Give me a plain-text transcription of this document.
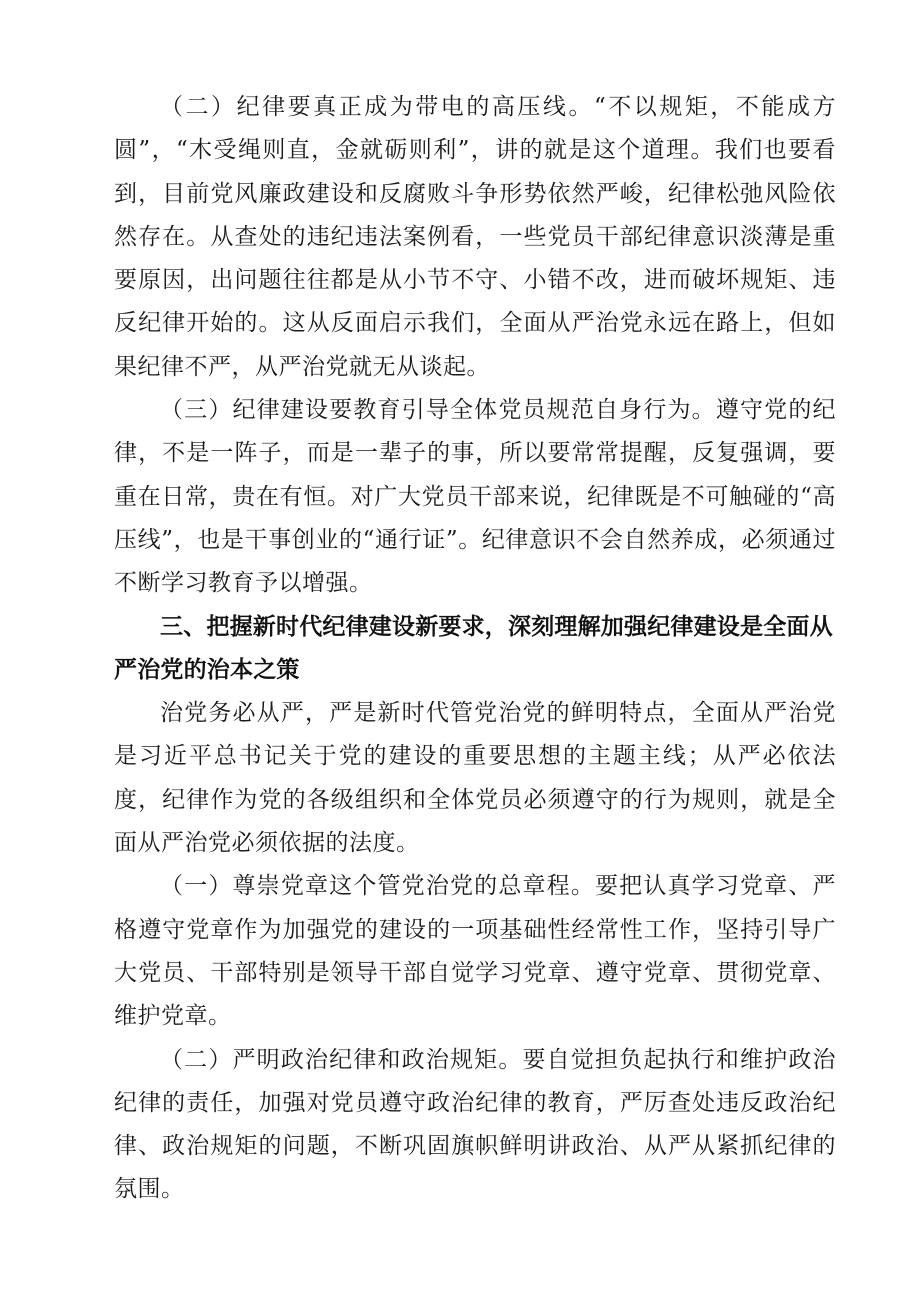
（二）纪律要真正成为带电的高压线。“不以规矩，不能成方圆”，“木受绳则直，金就砺则利”，讲的就是这个道理。我们也要看到，目前党风廉政建设和反腐败斗争形势依然严峻，纪律松弛风险依然存在。从查处的违纪违法案例看，一些党员干部纪律意识淡薄是重要原因，出问题往往都是从小节不守、小错不改，进而破坏规矩、违反纪律开始的。这从反面启示我们，全面从严治党永远在路上，但如果纪律不严，从严治党就无从谈起。

（三）纪律建设要教育引导全体党员规范自身行为。遵守党的纪律，不是一阵子，而是一辈子的事，所以要常常提醒，反复强调，要重在日常，贵在有恒。对广大党员干部来说，纪律既是不可触碰的“高压线”，也是干事创业的“通行证”。纪律意识不会自然养成，必须通过不断学习教育予以增强。

三、把握新时代纪律建设新要求，深刻理解加强纪律建设是全面从严治党的治本之策

治党务必从严，严是新时代管党治党的鲜明特点，全面从严治党是习近平总书记关于党的建设的重要思想的主题主线；从严必依法度，纪律作为党的各级组织和全体党员必须遵守的行为规则，就是全面从严治党必须依据的法度。

（一）尊崇党章这个管党治党的总章程。要把认真学习党章、严格遵守党章作为加强党的建设的一项基础性经常性工作，坚持引导广大党员、干部特别是领导干部自觉学习党章、遵守党章、贯彻党章、维护党章。

（二）严明政治纪律和政治规矩。要自觉担负起执行和维护政治纪律的责任，加强对党员遵守政治纪律的教育，严厉查处违反政治纪律、政治规矩的问题，不断巩固旗帜鲜明讲政治、从严从紧抓纪律的氛围。
